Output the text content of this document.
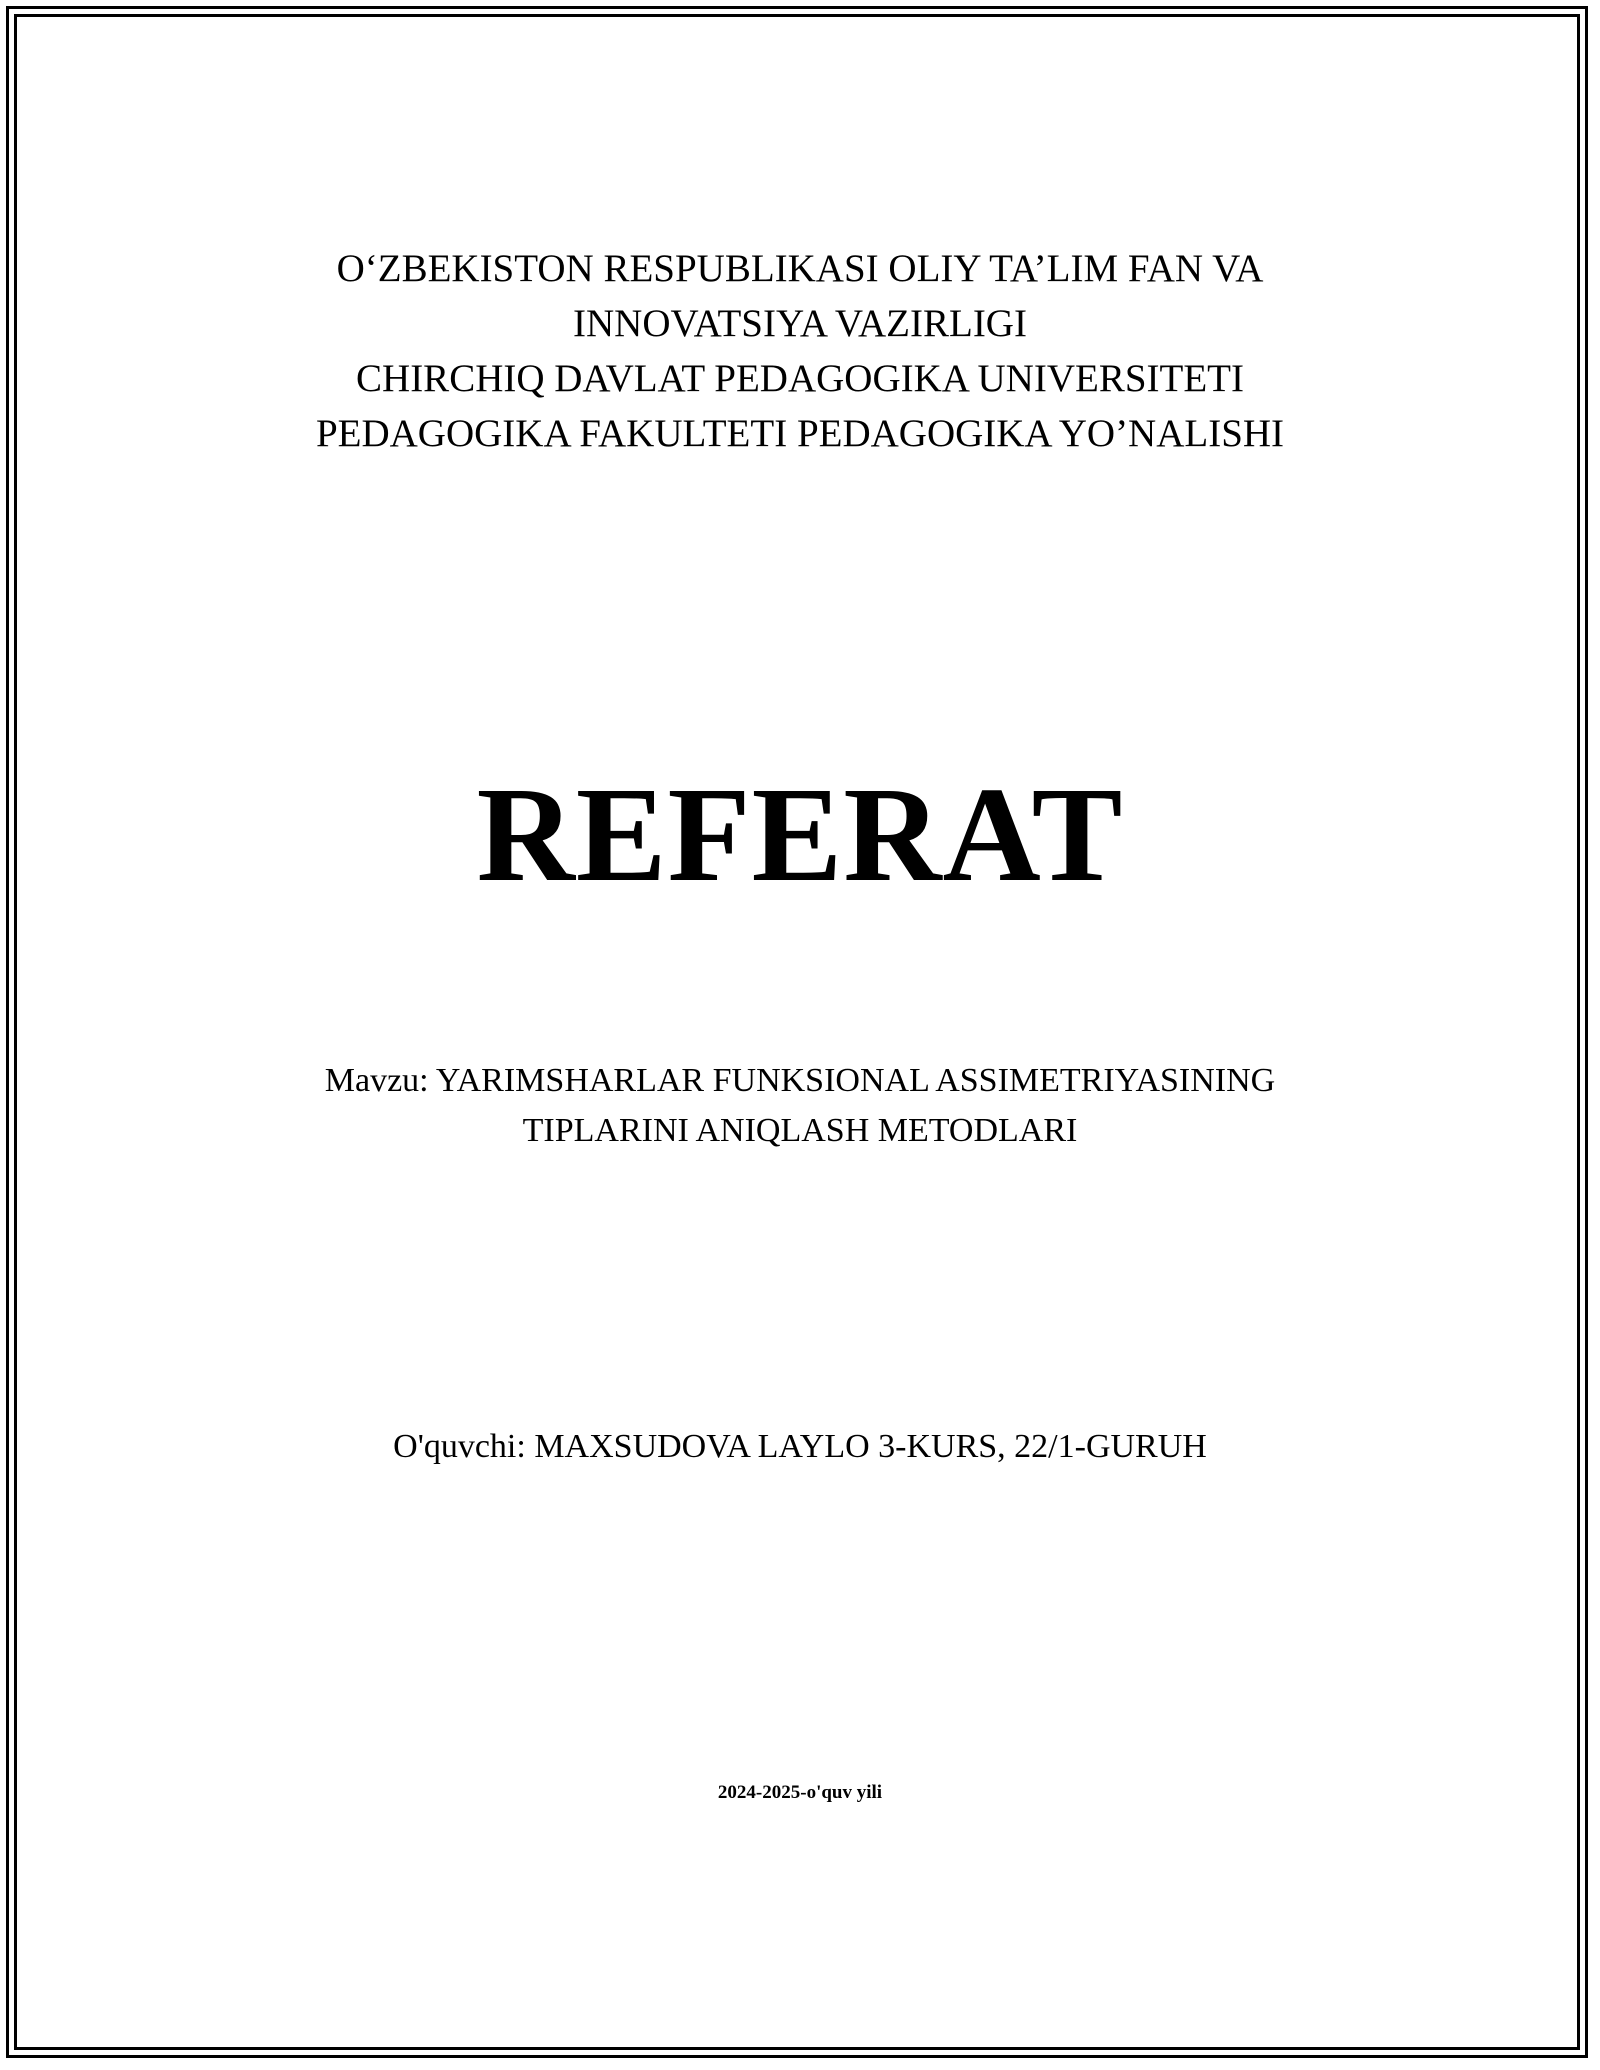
O‘ZBEKISTON RESPUBLIKASI OLIY TA’LIM FAN VA
INNOVATSIYA VAZIRLIGI
CHIRCHIQ DAVLAT PEDAGOGIKA UNIVERSITETI
PEDAGOGIKA FAKULTETI PEDAGOGIKA YO’NALISHI
REFERAT
Mavzu: YARIMSHARLAR FUNKSIONAL ASSIMETRIYASINING
TIPLARINI ANIQLASH METODLARI
O'quvchi: MAXSUDOVA LAYLO 3-KURS, 22/1-GURUH
2024-2025-o'quv yili
